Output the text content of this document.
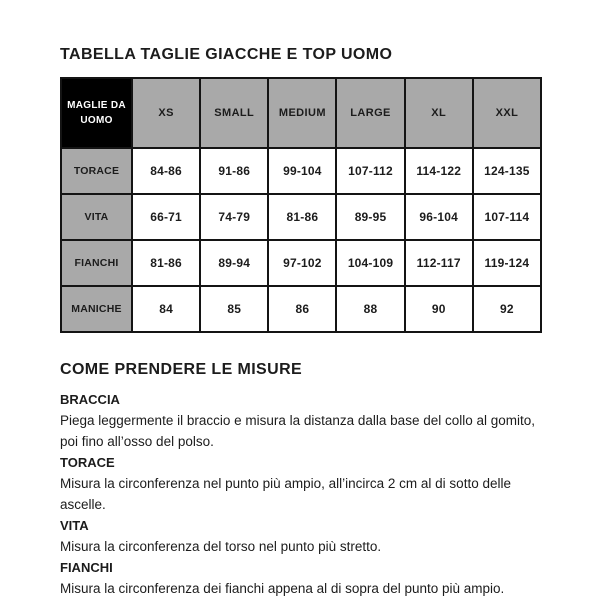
TABELLA TAGLIE GIACCHE E TOP UOMO
MAGLIE DA UOMO	XS	SMALL	MEDIUM	LARGE	XL	XXL
TORACE	84-86	91-86	99-104	107-112	114-122	124-135
VITA	66-71	74-79	81-86	89-95	96-104	107-114
FIANCHI	81-86	89-94	97-102	104-109	112-117	119-124
MANICHE	84	85	86	88	90	92
COME PRENDERE LE MISURE

BRACCIA

Piega leggermente il braccio e misura la distanza dalla base del collo al gomito, poi fino all’osso del polso.

TORACE

Misura la circonferenza nel punto più ampio, all’incirca 2 cm al di sotto delle ascelle.

VITA

Misura la circonferenza del torso nel punto più stretto.

FIANCHI

Misura la circonferenza dei fianchi appena al di sopra del punto più ampio.
